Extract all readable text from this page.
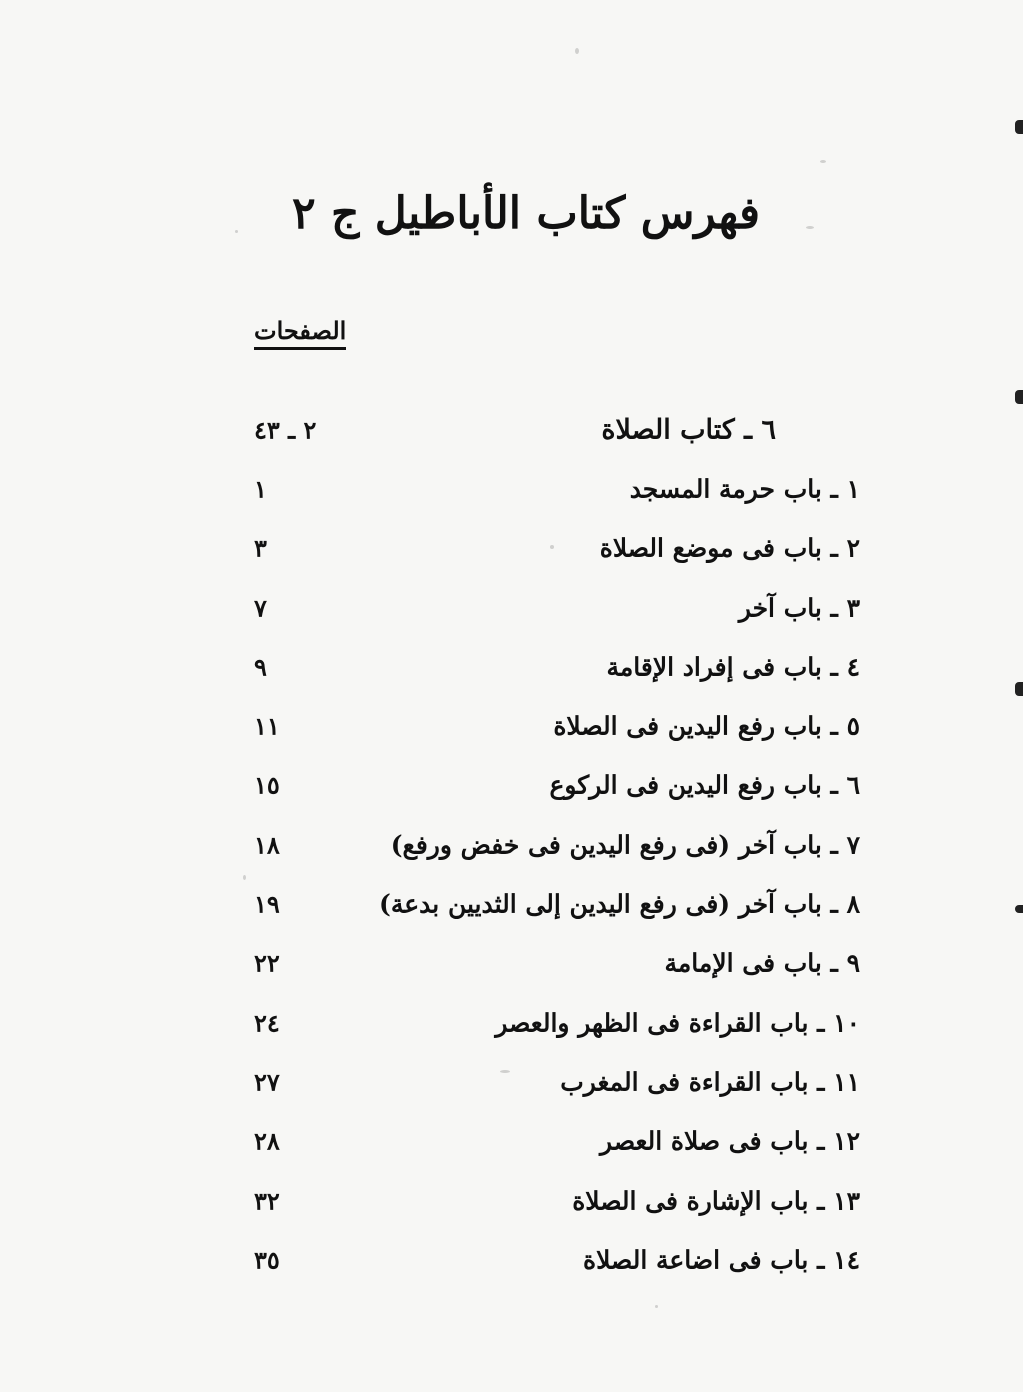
فهرس كتاب الأباطيل ج ٢
الصفحات
٦ ـ كتاب الصلاة
٢ ـ ٤٣
١ ـ باب حرمة المسجد
١
٢ ـ باب فى موضع الصلاة
٣
٣ ـ باب آخر
٧
٤ ـ باب فى إفراد الإقامة
٩
٥ ـ باب رفع اليدين فى الصلاة
١١
٦ ـ باب رفع اليدين فى الركوع
١٥
٧ ـ باب آخر (فى رفع اليدين فى خفض ورفع)
١٨
٨ ـ باب آخر (فى رفع اليدين إلى الثديين بدعة)
١٩
٩ ـ باب فى الإمامة
٢٢
١٠ ـ باب القراءة فى الظهر والعصر
٢٤
١١ ـ باب القراءة فى المغرب
٢٧
١٢ ـ باب فى صلاة العصر
٢٨
١٣ ـ باب الإشارة فى الصلاة
٣٢
١٤ ـ باب فى اضاعة الصلاة
٣٥
